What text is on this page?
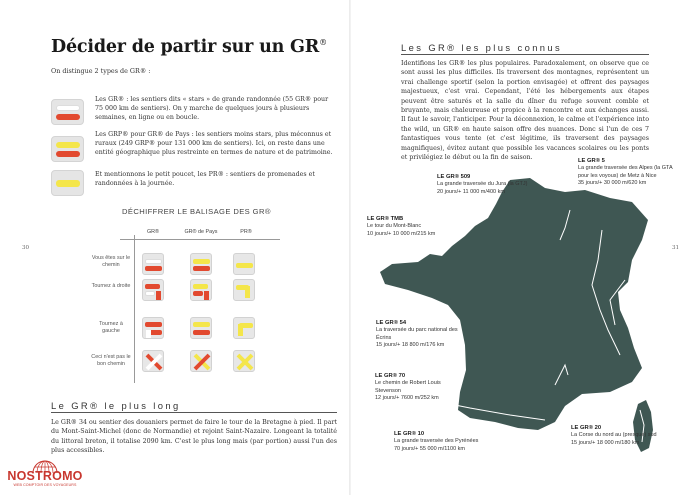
Décider de partir sur un GR®
On distingue 2 types de GR® :
Les GR® : les sentiers dits « stars » de grande randonnée (55 GR® pour 75 000 km de sentiers). On y marche de quelques jours à plusieurs semaines, en ligne ou en boucle.
Les GRP® pour GR® de Pays : les sentiers moins stars, plus méconnus et ruraux (249 GRP® pour 131 000 km de sentiers). Ici, on reste dans une entité géographique plus restreinte en termes de nature et de patrimoine.
Et mentionnons le petit poucet, les PR® : sentiers de promenades et randonnées à la journée.
DÉCHIFFRER LE BALISAGE DES GR®
GR®	GR® de Pays	PR®
Vous êtes sur le chemin
Tournez à droite
Tournez à gauche
Ceci n'est pas le bon chemin
Le GR® le plus long
Le GR® 34 ou sentier des douaniers permet de faire le tour de la Bretagne à pied. Il part du Mont-Saint-Michel (donc de Normandie) et rejoint Saint-Nazaire. Longeant la totalité du littoral breton, il totalise 2090 km. C'est le plus long mais (par portion) aussi l'un des plus accessibles.
30
NOSTROMO
WEB COMPTOIR DES VOYAGEURS
Les GR® les plus connus
Identifions les GR® les plus populaires. Paradoxalement, on observe que ce sont aussi les plus difficiles. Ils traversent des montagnes, représentent un vrai challenge sportif (selon la portion envisagée) et offrent des paysages majestueux, c'est vrai. Cependant, l'été les hébergements aux étapes peuvent être saturés et la salle du dîner du refuge souvent comble et bruyante, mais chaleureuse et propice à la rencontre et aux échanges aussi. Il faut le savoir, l'anticiper. Pour la déconnexion, le calme et l'expérience into the wild, un GR® en haute saison offre des nuances. Donc si l'un de ces 7 fantastiques vous tente (et c'est légitime, ils traversent des paysages magnifiques), évitez autant que possible les vacances scolaires ou les ponts et privilégiez le début ou la fin de saison.
31
LE GR® 509
La grande traversée du Jura (la GTJ)
20 jours/+ 11 000 m/400 km
LE GR® 5
La grande traversée des Alpes (la GTA pour les voyous) de Metz à Nice
35 jours/+ 30 000 m/620 km
LE GR® TMB
Le tour du Mont-Blanc
10 jours/+ 10 000 m/215 km
LE GR® 54
La traversée du parc national des Écrins
15 jours/+ 18 800 m/176 km
LE GR® 70
Le chemin de Robert Louis Stevenson
12 jours/+ 7600 m/252 km
LE GR® 10
La grande traversée des Pyrénées
70 jours/+ 55 000 m/1100 km
LE GR® 20
La Corse du nord au (presque) sud
15 jours/+ 18 000 m/180 km
